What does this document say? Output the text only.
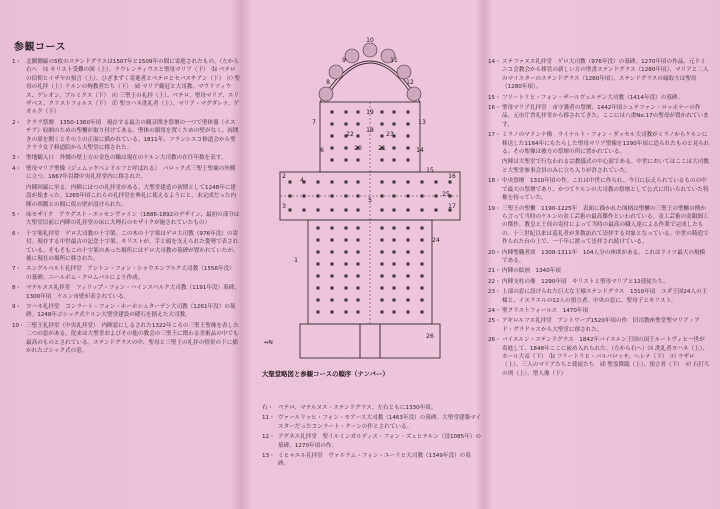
参観コース
1・ 北側側廊の5枚のステンドグラスは1507年と1509年の間に寄進されたもの。（左から右へ　⒜ キリスト受難の図（上）、ラウレンティウスと聖母マリア（下）　⒝ ペテロの信仰とイザヤの預言（上）、ひざまずく寄進者とペテロとセバスチアン（下）　⒞ 聖母の礼拝（上）ケルンの殉教者たち（下）　⒟ マリア戴冠と大司教、マウリツィウス、ゲレオン、ブルミクス（下）　⒠ 三聖王の礼拝（上）、ペテロ、聖母マリア、エリザベス、クリストフォルス（下）　⒡ 聖ヨハネ洗礼者（上）、マリア・マグダレナ、ゲオルク（下）
2・ クララ祭壇　1350-1360年頃　現存する最古の観音開き祭壇の一つで聖体器（ホスチア）収納のための聖櫃が取り付けてある。聖体の器用を置くための壁がなく、両開きの扉を開くとその上の正面に描かれている。1811年、フランシスコ修道会から聖クララ女子修道院から大聖堂に移された。
3・ 聖地観入口　外側の壁上方の金色の輪は現在のケルン大司教の在任年数を表す。
4・ 聖母マリア聖像（ジェムックベンドルフと呼ばれる）　バロック式三聖王聖廟の外側に立つ。1667年以降中央礼拝堂内に移された。
内陣回廊に至る。内陣にはつの礼拝堂がある。大聖堂建造の初期として1248年に建設が始まった。1265年頃これらの礼拝堂を典礼に使えるようにと、未完成だった内陣の西側との間に仮の壁が設けられた。
5・ 床モザイク　アウグスト・エッセンヴァイン（1886-1892のデザイン、最初の部分は大聖堂以前に内陣の礼拝堂の床に大理石のモザイクが施されていたもの）
6・ 十字架礼拝堂　ゲロ大司教の十字架。この木の十字架はゲロ大司教（976年没）の寄付。現存する中世最古の記念十字架。キリストが。手と頭を支えられた姿勢で表されている。そもそもこの十字架のあった場所にはゲロ大司教の墓碑が置かれていたが、後に現在の場所に移された。
7・ エングルベルト礼拝堂　アントン・フォン・シャウエンブルク大司教（1556年没）の墓碑。ニールボム・クロムバルにより作成。
8・ マテルヌス礼拝堂　フィリップ・フォン・ハインスベルク大司教（1191年没）墓碑。1300年頃　ケルン市壁が表されている。
9・ ヨハネ礼拝堂　コンラート・フォン・ホーホシュターデン大司教（1261年没）の墓碑。1248年ゴシック式ケルン大聖堂建設の礎石を据えた大司教。
10・ 三聖王礼拝堂（中央礼拝堂）　内陣窓にしるされた1322年ころの三聖王聖像を表した二つの窓がある。従来は大聖堂およびその他の教会の三聖王に関わる美術品の中でも最高のものとされている。ステンドグラスの中、聖母と三聖王の礼拝の情景の下に描かれたゴシック式の窓。
1
2
3
4
5
6
7
8
9
10
11
12
13
14
15
16
17
18
19
20	21
22	23
24
25
26
↔N
大聖堂略図と参観コースの順序（ナンバー）
右・ ペテロ、マテルヌス・ステンドグラス、左右ともに1330年頃。
11・ ヴァールリッヒ・フォン・モアース大司教（1463年没）の墓碑。大聖堂建築マイスターだったコンラート・クーンの作とされている。
12・ アグネス礼拝堂　聖イルミンガルディス・フォン・ズュヒテルン（没1085年）の墓碑。1270年頃の作。
13・ ミヒャエル礼拝堂　ヴァルラム・フォン・ユーリヒ大司教（1349年没）の墓碑。
14・ ステファヌス礼拝堂　ゲロ大司教（976年没）の墓碑。1270年頃の作品。元ドミニコ会教会から移管の新しい方の聖書ステンドグラス（1280年頃）、マリアと二人のマイスターのステンドグラス（1280年頃）、ステンドグラスの縁取りは聖母（1280年頃）。
15・ フリートリヒ・フォン・ザールヴェルデン大司教（1414年没）の墓碑。
16・ 聖母マリア礼拝堂　市守護者の祭壇、1442年頃シュテファン・ロッホナーの作品。元市庁舎礼拝堂から移されてきた。ここには八重No.17の聖母が置かれています。
17・ ミラノのマドンナ像　ライナルト・フォン・ダッセル大司教がミラノからケルンに移送した1164年にもたらした聖母マリア聖像を1290年頃に造られたものと見られる。その聖像は後方の祭壇の所に置かれている。
内陣は大聖堂で行なわれる宗教儀式の中心部である。中世においてはここは大司教と大聖堂参事会員のみに立ち入りが許されていた。
18・ 中央祭壇　1310年頃の作。これは中世に作られ、今日に伝えられているものの中で最大の祭壇であり、かつてケルンの大司教の祭壇として公式に用いられていた特権を持っていた。
19・ 三聖王の聖櫃　1190-1225年　表面に描かれた図柄は聖櫃の三聖王の聖櫃の例から言って当時のケルンの金工芸術の最高傑作といわれている。金工芸術の金銀細工の傑作。教皇と王侯の寄付によって当時の最高の職人達による作業で完成したもの。十三世紀以来は巡礼者が多数訪れて崇拝する対象となっている。中世の鋳造で作られた台の上で、一千年に渡って崇拝され続けている。
20・ 内陣聖職者席　1308-1311年　104人分の座席がある。これはドイツ最大の規模である。
21・ 内陣の絵画　1340年頃
22・ 内陣支柱の像　1290年頃　キリストと聖母マリアと12使徒たち。
23・ 上部の窓に設けられた巨大な王様ステンドグラス　1310年頃　ユダ王国24人の王様と、イスラエルの12人の預言者。中央の窓に、聖母子とキリスト。
24・ 聖クリストフォールス　1470年頃
25・ アギロルフス礼拝堂　アントワープ1520年頃の作　旧司教座聖堂聖マリア・アド・グラドゥスから大聖堂に移された。
26・ バイエルン・ステンドグラス　1842年バイエルン王国の国王ルートヴィヒ一世が寄進して、1848年ここに嵌め入れられた。（左から右へ）⒜ 洗礼者ヨハネ（上）、カール大帝（下）　⒝ フリートリヒ・バルバロッサ、ヘレナ（下）　⒞ ラザロ（上）、三人のマリアたちと使徒たち　⒟ 聖霊降臨（上）、預言者（下）　⒠ 石打ちの刑（上）、聖人像（下）
